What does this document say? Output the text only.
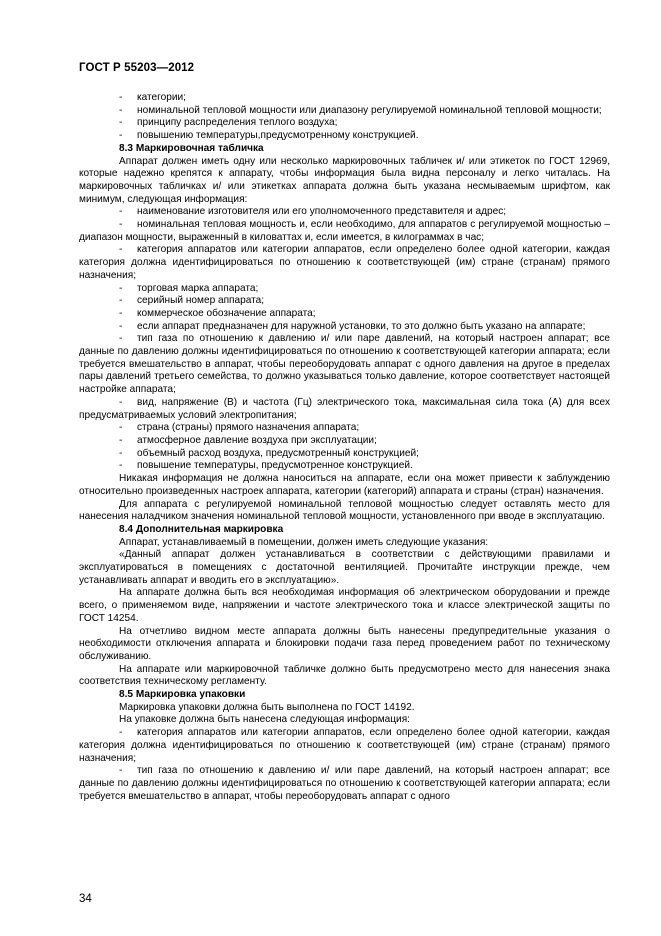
ГОСТ Р 55203—2012

- категории;

- номинальной тепловой мощности или диапазону регулируемой номинальной тепловой мощности;

- принципу распределения теплого воздуха;

- повышению температуры,предусмотренному конструкцией.

8.3 Маркировочная табличка

Аппарат должен иметь одну или несколько маркировочных табличек и/ или этикеток по ГОСТ 12969, которые надежно крепятся к аппарату, чтобы информация была видна персоналу и легко читалась. На маркировочных табличках и/ или этикетках аппарата должна быть указана несмываемым шрифтом, как минимум, следующая информация:

- наименование изготовителя или его уполномоченного представителя и адрес;

- номинальная тепловая мощность и, если необходимо, для аппаратов с регулируемой мощностью – диапазон мощности, выраженный в киловаттах и, если имеется, в килограммах в час;

- категория аппаратов или категории аппаратов, если определено более одной категории, каждая категория должна идентифицироваться по отношению к соответствующей (им) стране (странам) прямого назначения;

- торговая марка аппарата;

- серийный номер аппарата;

- коммерческое обозначение аппарата;

- если аппарат предназначен для наружной установки, то это должно быть указано на аппарате;

- тип газа по отношению к давлению и/ или паре давлений, на который настроен аппарат; все данные по давлению должны идентифицироваться по отношению к соответствующей категории аппарата; если требуется вмешательство в аппарат, чтобы переоборудовать аппарат с одного давления на другое в пределах пары давлений третьего семейства, то должно указываться только давление, которое соответствует настоящей настройке аппарата;

- вид, напряжение (В) и частота (Гц) электрического тока, максимальная сила тока (А) для всех предусматриваемых условий электропитания;

- страна (страны) прямого назначения аппарата;

- атмосферное давление воздуха при эксплуатации;

- объемный расход воздуха, предусмотренный конструкцией;

- повышение температуры, предусмотренное конструкцией.

Никакая информация не должна наноситься на аппарате, если она может привести к заблуждению относительно произведенных настроек аппарата, категории (категорий) аппарата и страны (стран) назначения.

Для аппарата с регулируемой номинальной тепловой мощностью следует оставлять место для нанесения наладчиком значения номинальной тепловой мощности, установленного при вводе в эксплуатацию.

8.4 Дополнительная маркировка

Аппарат, устанавливаемый в помещении, должен иметь следующие указания:

«Данный аппарат должен устанавливаться в соответствии с действующими правилами и эксплуатироваться в помещениях с достаточной вентиляцией. Прочитайте инструкции прежде, чем устанавливать аппарат и вводить его в эксплуатацию».

На аппарате должна быть вся необходимая информация об электрическом оборудовании и прежде всего, о применяемом виде, напряжении и частоте электрического тока и классе электрической защиты по ГОСТ 14254.

На отчетливо видном месте аппарата должны быть нанесены предупредительные указания о необходимости отключения аппарата и блокировки подачи газа перед проведением работ по техническому обслуживанию.

На аппарате или маркировочной табличке должно быть предусмотрено место для нанесения знака соответствия техническому регламенту.

8.5 Маркировка упаковки

Маркировка упаковки должна быть выполнена по ГОСТ 14192.

На упаковке должна быть нанесена следующая информация:

- категория аппаратов или категории аппаратов, если определено более одной категории, каждая категория должна идентифицироваться по отношению к соответствующей (им) стране (странам) прямого назначения;

- тип газа по отношению к давлению и/ или паре давлений, на который настроен аппарат; все данные по давлению должны идентифицироваться по отношению к соответствующей категории аппарата; если требуется вмешательство в аппарат, чтобы переоборудовать аппарат с одного

34
